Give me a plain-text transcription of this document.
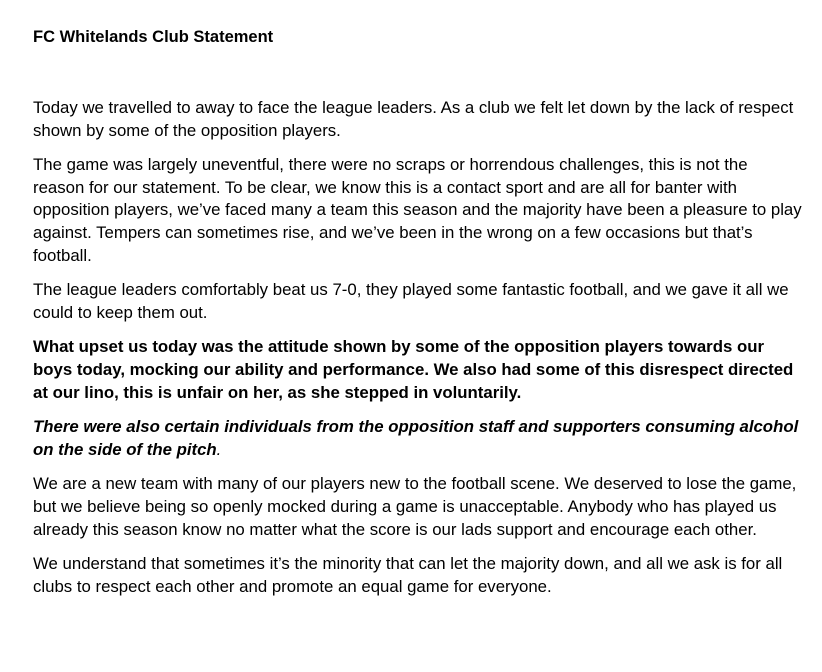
FC Whitelands Club Statement

Today we travelled to away to face the league leaders. As a club we felt let down by the lack of respect shown by some of the opposition players.

The game was largely uneventful, there were no scraps or horrendous challenges, this is not the reason for our statement. To be clear, we know this is a contact sport and are all for banter with opposition players, we’ve faced many a team this season and the majority have been a pleasure to play against. Tempers can sometimes rise, and we’ve been in the wrong on a few occasions but that’s football.

The league leaders comfortably beat us 7-0, they played some fantastic football, and we gave it all we could to keep them out.

What upset us today was the attitude shown by some of the opposition players towards our boys today, mocking our ability and performance. We also had some of this disrespect directed at our lino, this is unfair on her, as she stepped in voluntarily.

There were also certain individuals from the opposition staff and supporters consuming alcohol on the side of the pitch.

We are a new team with many of our players new to the football scene. We deserved to lose the game, but we believe being so openly mocked during a game is unacceptable. Anybody who has played us already this season know no matter what the score is our lads support and encourage each other.

We understand that sometimes it’s the minority that can let the majority down, and all we ask is for all clubs to respect each other and promote an equal game for everyone.
